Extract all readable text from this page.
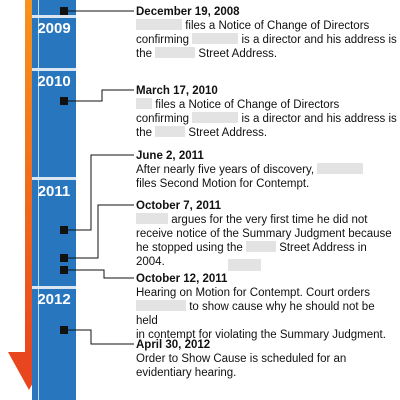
2009
2010
2011
2012
December 19, 2008
files a Notice of Change of Directors
confirming	is a director and his address is
the	Street Address.
March 17, 2010
files a Notice of Change of Directors
confirming	is a director and his address is
the	Street Address.
June 2, 2011
After nearly five years of discovery,
files Second Motion for Contempt.
October 7, 2011
argues for the very first time he did not
receive notice of the Summary Judgment because
he stopped using the	Street Address in
2004.
October 12, 2011
Hearing on Motion for Contempt. Court orders
to show cause why he should not be held
in contempt for violating the Summary Judgment.
April 30, 2012
Order to Show Cause is scheduled for an
evidentiary hearing.
